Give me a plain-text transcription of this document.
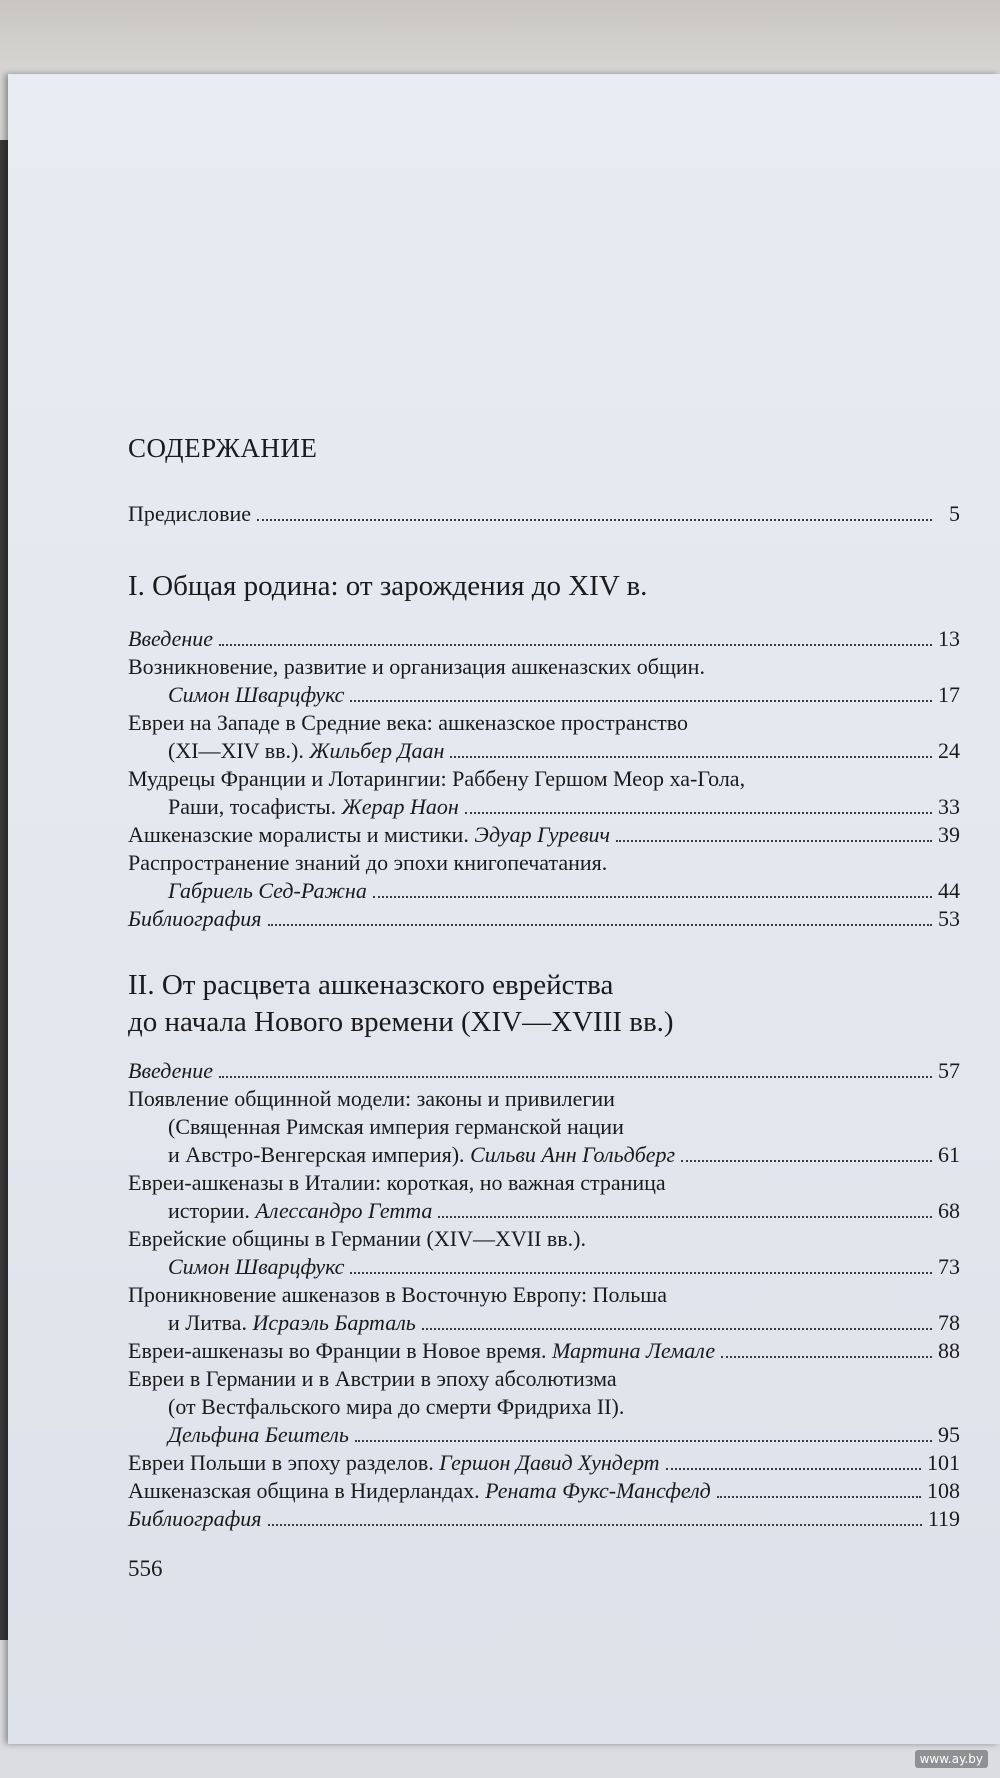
СОДЕРЖАНИЕ
Предисловие	5
I. Общая родина: от зарождения до XIV в.
Введение	13
Возникновение, развитие и организация ашкеназских общин.
Симон Шварцфукс	17
Евреи на Западе в Средние века: ашкеназское пространство
(XI—XIV вв.). Жильбер Даан	24
Мудрецы Франции и Лотарингии: Раббену Гершом Меор ха-Гола,
Раши, тосафисты. Жерар Наон	33
Ашкеназские моралисты и мистики. Эдуар Гуревич	39
Распространение знаний до эпохи книгопечатания.
Габриель Сед-Ражна	44
Библиография	53
II. От расцвета ашкеназского еврейства
до начала Нового времени (XIV—XVIII вв.)
Введение	57
Появление общинной модели: законы и привилегии
(Священная Римская империя германской нации
и Австро-Венгерская империя). Сильви Анн Гольдберг	61
Евреи-ашкеназы в Италии: короткая, но важная страница
истории. Алессандро Гетта	68
Еврейские общины в Германии (XIV—XVII вв.).
Симон Шварцфукс	73
Проникновение ашкеназов в Восточную Европу: Польша
и Литва. Исраэль Барталь	78
Евреи-ашкеназы во Франции в Новое время. Мартина Лемале	88
Евреи в Германии и в Австрии в эпоху абсолютизма
(от Вестфальского мира до смерти Фридриха II).
Дельфина Бештель	95
Евреи Польши в эпоху разделов. Гершон Давид Хундерт	101
Ашкеназская община в Нидерландах. Рената Фукс-Мансфелд	108
Библиография	119
556
www.ay.by
